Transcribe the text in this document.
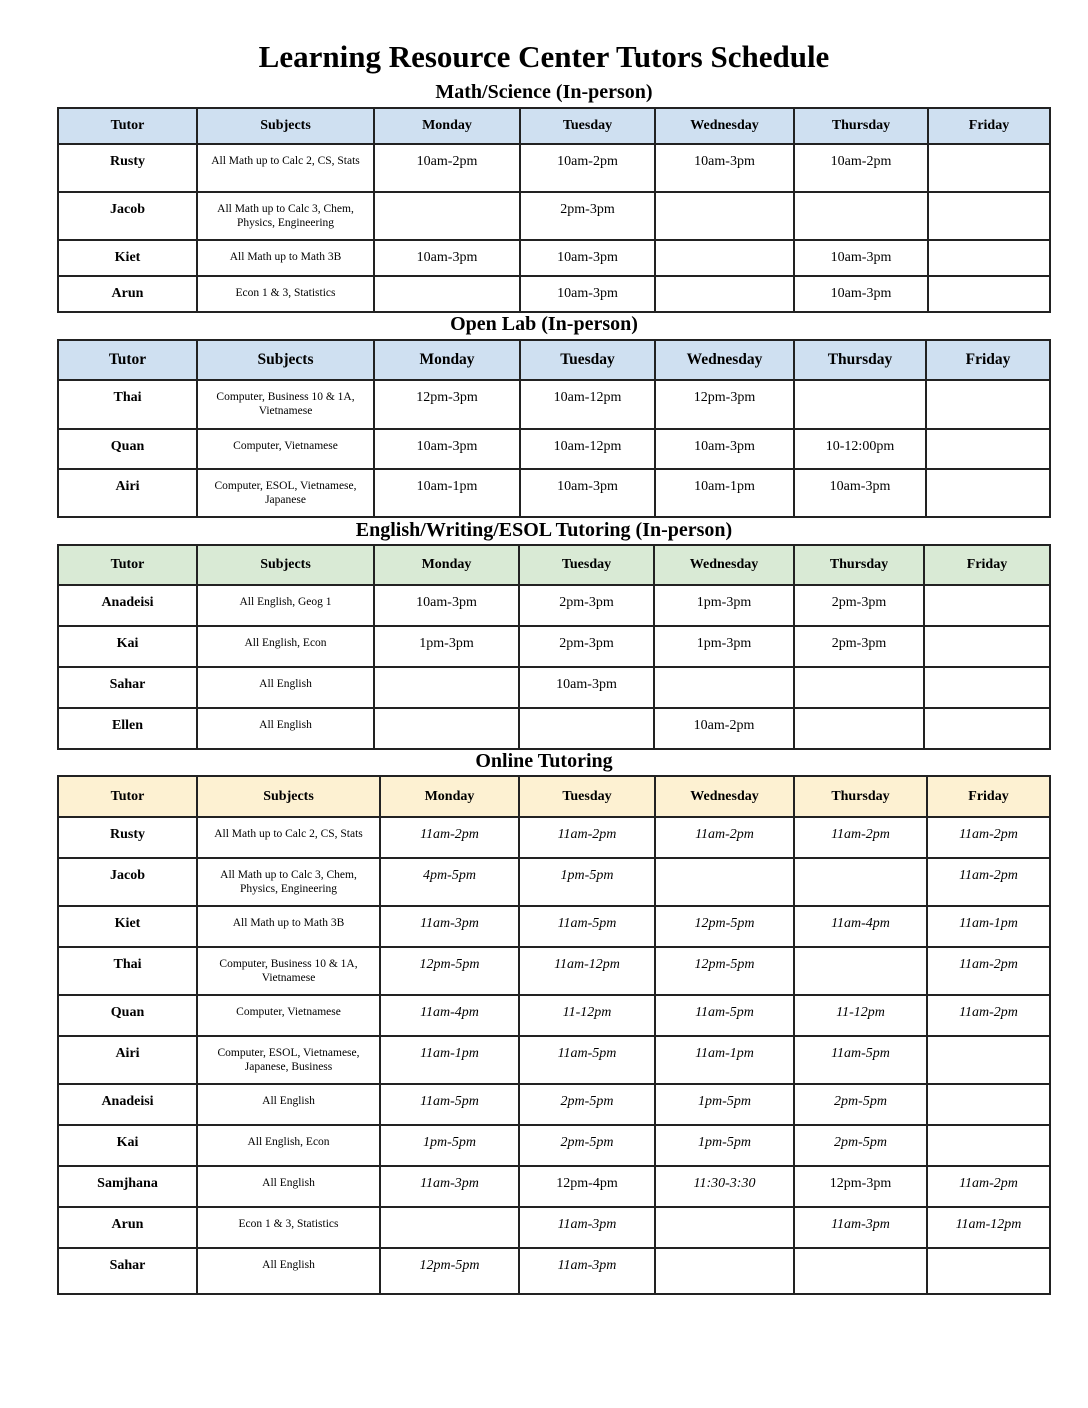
Learning Resource Center Tutors Schedule
Math/Science (In-person)
Tutor	Subjects	Monday	Tuesday	Wednesday	Thursday	Friday

Rusty	All Math up to Calc 2, CS, Stats	10am-2pm	10am-2pm	10am-3pm	10am-2pm	

Jacob	All Math up to Calc 3, Chem, Physics, Engineering		2pm-3pm			

Kiet	All Math up to Math 3B	10am-3pm	10am-3pm		10am-3pm	

Arun	Econ 1 & 3, Statistics		10am-3pm		10am-3pm	

Open Lab (In-person)
Tutor	Subjects	Monday	Tuesday	Wednesday	Thursday	Friday

Thai	Computer, Business 10 & 1A, Vietnamese	12pm-3pm	10am-12pm	12pm-3pm		

Quan	Computer, Vietnamese	10am-3pm	10am-12pm	10am-3pm	10-12:00pm	

Airi	Computer, ESOL, Vietnamese, Japanese	10am-1pm	10am-3pm	10am-1pm	10am-3pm	

English/Writing/ESOL Tutoring (In-person)
Tutor	Subjects	Monday	Tuesday	Wednesday	Thursday	Friday

Anadeisi	All English, Geog 1	10am-3pm	2pm-3pm	1pm-3pm	2pm-3pm	

Kai	All English, Econ	1pm-3pm	2pm-3pm	1pm-3pm	2pm-3pm	

Sahar	All English		10am-3pm			

Ellen	All English			10am-2pm		

Online Tutoring
Tutor	Subjects	Monday	Tuesday	Wednesday	Thursday	Friday

Rusty	All Math up to Calc 2, CS, Stats	11am-2pm	11am-2pm	11am-2pm	11am-2pm	11am-2pm

Jacob	All Math up to Calc 3, Chem, Physics, Engineering	4pm-5pm	1pm-5pm			11am-2pm

Kiet	All Math up to Math 3B	11am-3pm	11am-5pm	12pm-5pm	11am-4pm	11am-1pm

Thai	Computer, Business 10 & 1A, Vietnamese	12pm-5pm	11am-12pm	12pm-5pm		11am-2pm

Quan	Computer, Vietnamese	11am-4pm	11-12pm	11am-5pm	11-12pm	11am-2pm

Airi	Computer, ESOL, Vietnamese, Japanese, Business	11am-1pm	11am-5pm	11am-1pm	11am-5pm	

Anadeisi	All English	11am-5pm	2pm-5pm	1pm-5pm	2pm-5pm	

Kai	All English, Econ	1pm-5pm	2pm-5pm	1pm-5pm	2pm-5pm	

Samjhana	All English	11am-3pm	12pm-4pm	11:30-3:30	12pm-3pm	11am-2pm

Arun	Econ 1 & 3, Statistics		11am-3pm		11am-3pm	11am-12pm

Sahar	All English	12pm-5pm	11am-3pm			
